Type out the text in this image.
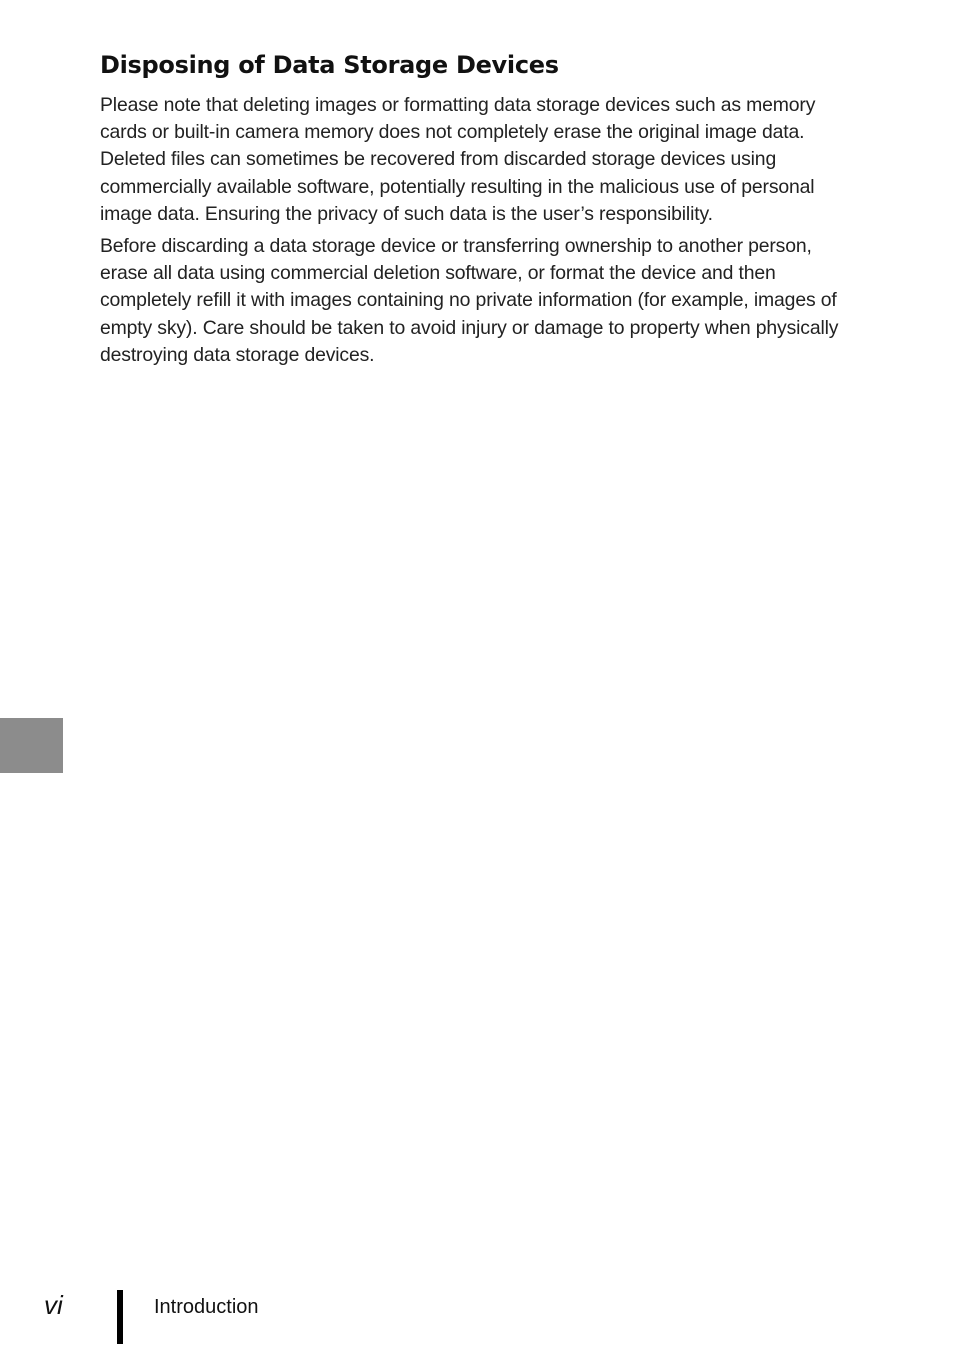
Disposing of Data Storage Devices

Please note that deleting images or formatting data storage devices such as memory cards or built-in camera memory does not completely erase the original image data. Deleted files can sometimes be recovered from discarded storage devices using commercially available software, potentially resulting in the malicious use of personal image data. Ensuring the privacy of such data is the user’s responsibility.

Before discarding a data storage device or transferring ownership to another person, erase all data using commercial deletion software, or format the device and then completely refill it with images containing no private information (for example, images of empty sky). Care should be taken to avoid injury or damage to property when physically destroying data storage devices.

vi	Introduction
